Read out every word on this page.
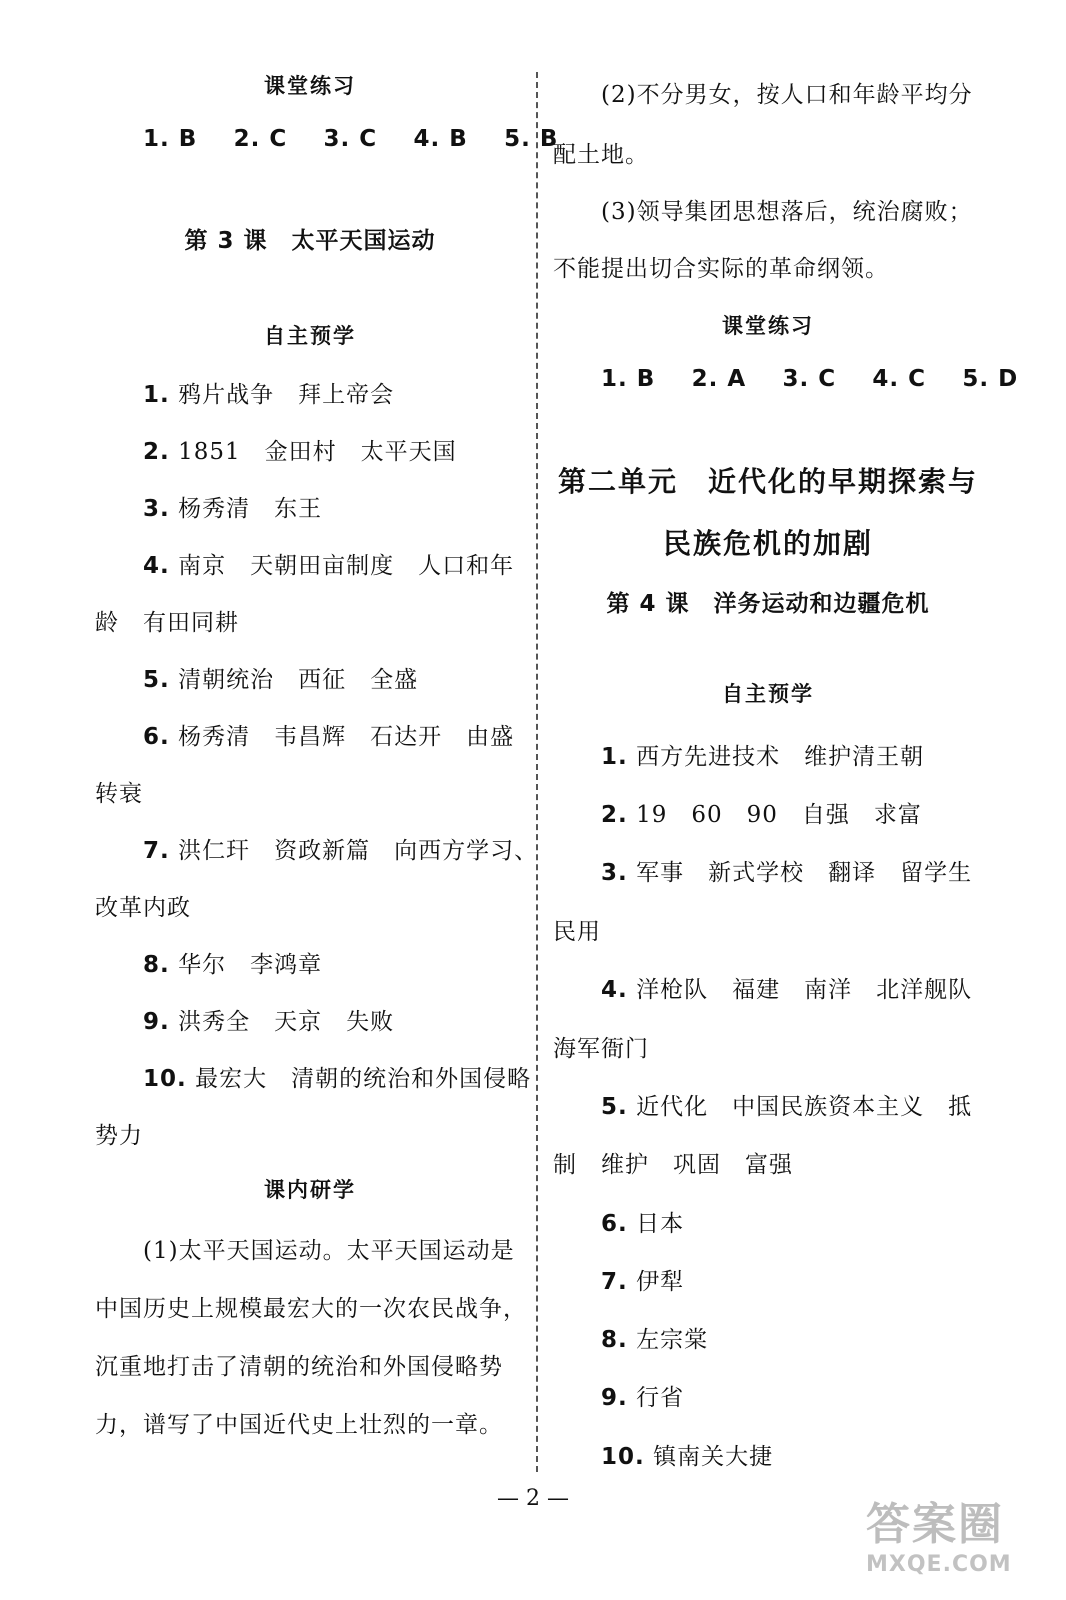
课堂练习
1. B 2. C 3. C 4. B 5. B
第 3 课　太平天国运动
自主预学
1. 鸦片战争　拜上帝会
2. 1851　金田村　太平天国
3. 杨秀清　东王
4. 南京　天朝田亩制度　人口和年
龄　有田同耕
5. 清朝统治　西征　全盛
6. 杨秀清　韦昌辉　石达开　由盛
转衰
7. 洪仁玕　资政新篇　向西方学习、
改革内政
8. 华尔　李鸿章
9. 洪秀全　天京　失败
10. 最宏大　清朝的统治和外国侵略
势力
课内研学
(1)太平天国运动。太平天国运动是
中国历史上规模最宏大的一次农民战争，
沉重地打击了清朝的统治和外国侵略势
力，谱写了中国近代史上壮烈的一章。
(2)不分男女，按人口和年龄平均分
配土地。
(3)领导集团思想落后，统治腐败；
不能提出切合实际的革命纲领。
课堂练习
1. B 2. A 3. C 4. C 5. D
第二单元　近代化的早期探索与
民族危机的加剧
第 4 课　洋务运动和边疆危机
自主预学
1. 西方先进技术　维护清王朝
2. 19　60　90　自强　求富
3. 军事　新式学校　翻译　留学生
民用
4. 洋枪队　福建　南洋　北洋舰队
海军衙门
5. 近代化　中国民族资本主义　抵
制　维护　巩固　富强
6. 日本
7. 伊犁
8. 左宗棠
9. 行省
10. 镇南关大捷
— 2 —
答案圈
MXQE.COM
